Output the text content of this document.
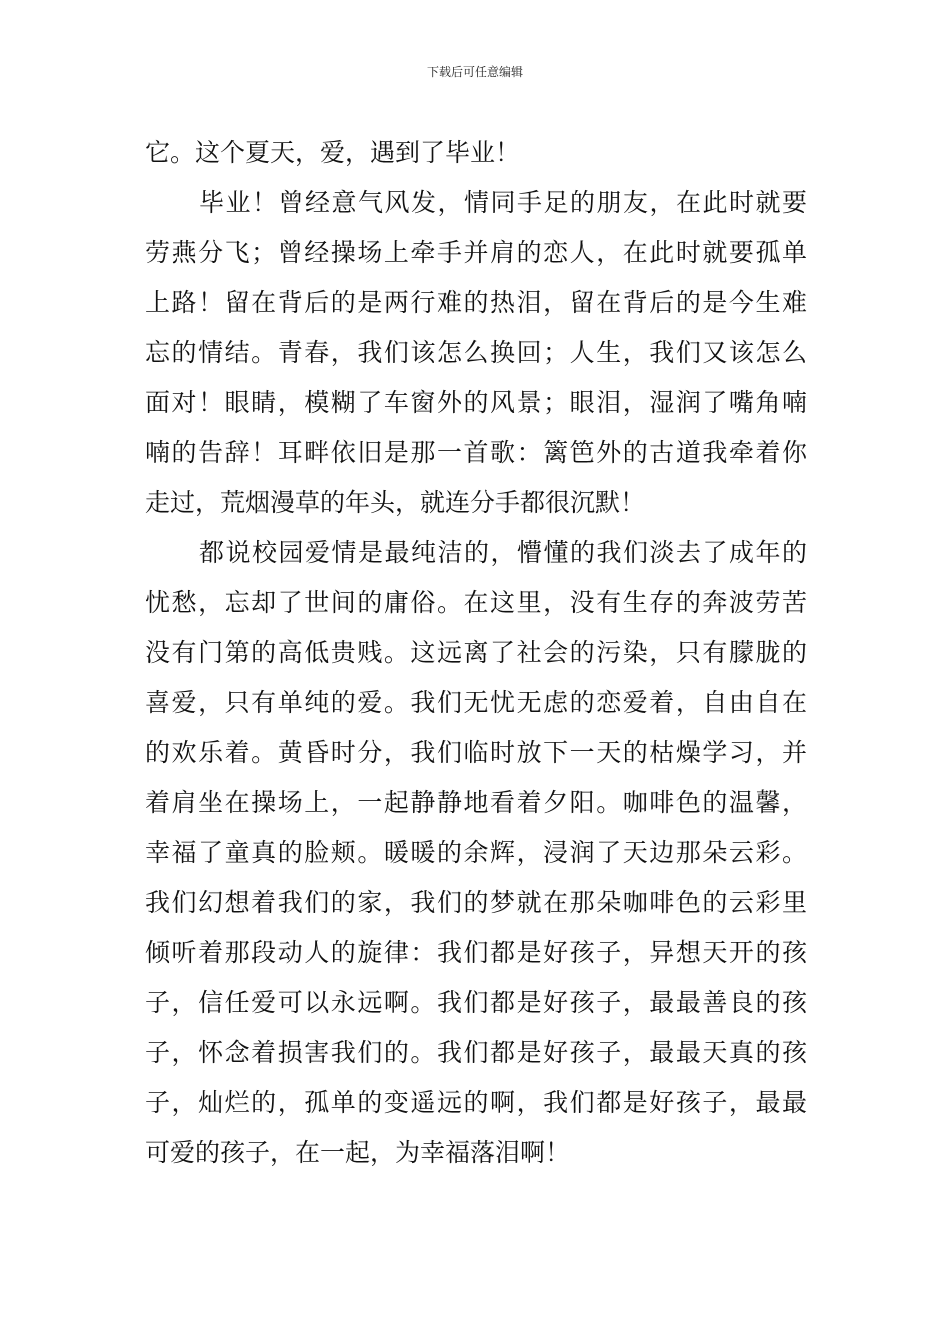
下载后可任意编辑
它。这个夏天，爱，遇到了毕业！
毕业！曾经意气风发，情同手足的朋友，在此时就要
劳燕分飞；曾经操场上牵手并肩的恋人，在此时就要孤单
上路！留在背后的是两行难的热泪，留在背后的是今生难
忘的情结。青春，我们该怎么换回；人生，我们又该怎么
面对！眼睛，模糊了车窗外的风景；眼泪，湿润了嘴角喃
喃的告辞！耳畔依旧是那一首歌：篱笆外的古道我牵着你
走过，荒烟漫草的年头，就连分手都很沉默！
都说校园爱情是最纯洁的，懵懂的我们淡去了成年的
忧愁，忘却了世间的庸俗。在这里，没有生存的奔波劳苦
没有门第的高低贵贱。这远离了社会的污染，只有朦胧的
喜爱，只有单纯的爱。我们无忧无虑的恋爱着，自由自在
的欢乐着。黄昏时分，我们临时放下一天的枯燥学习，并
着肩坐在操场上，一起静静地看着夕阳。咖啡色的温馨，
幸福了童真的脸颊。暖暖的余辉，浸润了天边那朵云彩。
我们幻想着我们的家，我们的梦就在那朵咖啡色的云彩里
倾听着那段动人的旋律：我们都是好孩子，异想天开的孩
子，信任爱可以永远啊。我们都是好孩子，最最善良的孩
子，怀念着损害我们的。我们都是好孩子，最最天真的孩
子，灿烂的，孤单的变遥远的啊，我们都是好孩子，最最
可爱的孩子，在一起，为幸福落泪啊！
